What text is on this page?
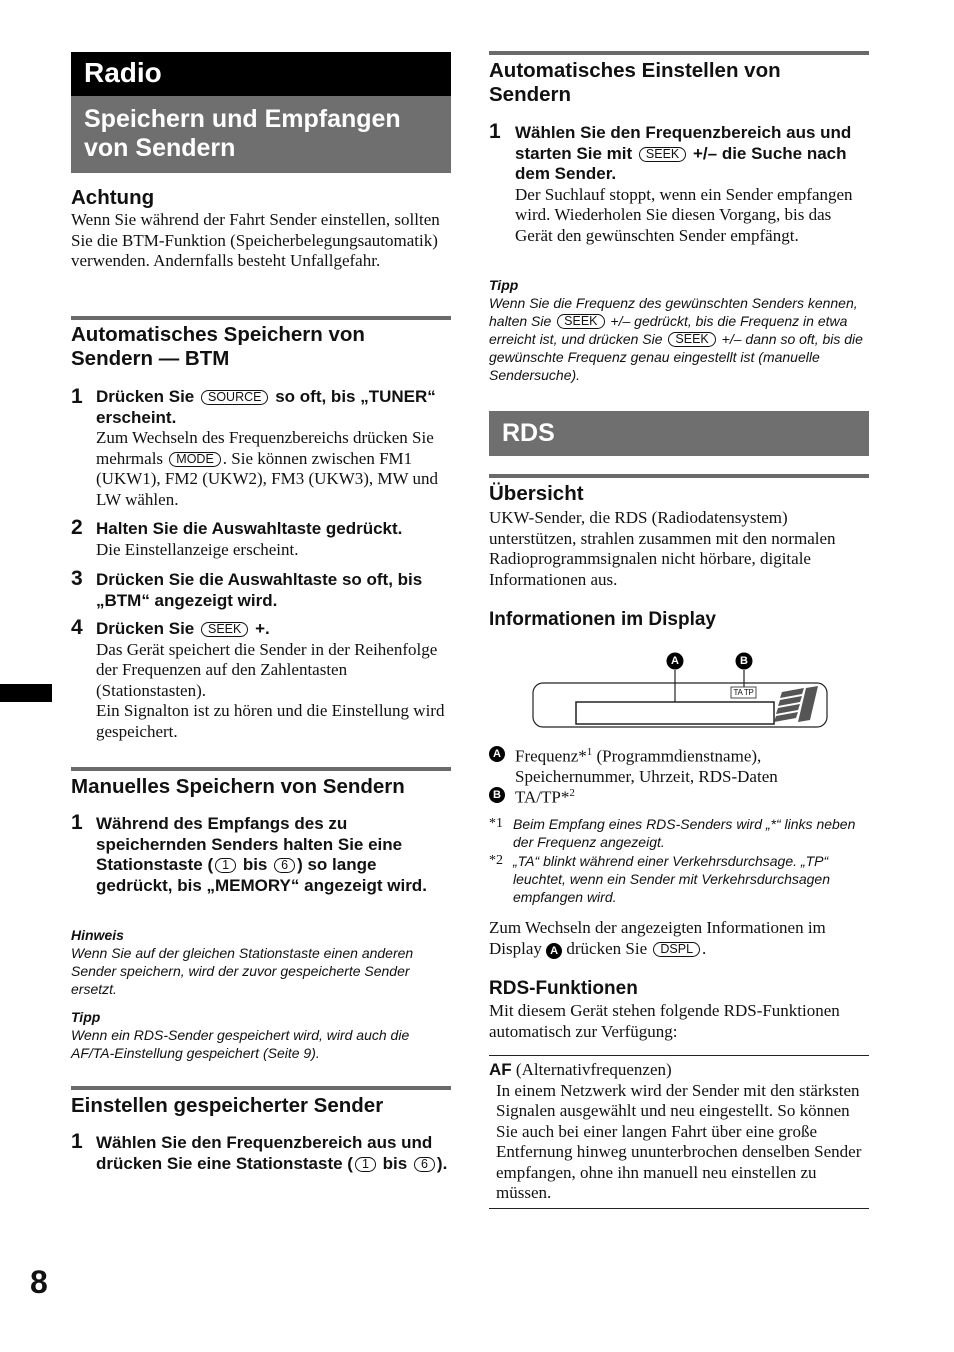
Radio
Speichern und Empfangen von Sendern
Achtung
Wenn Sie während der Fahrt Sender einstellen, sollten Sie die BTM-Funktion (Speicherbelegungsautomatik) verwenden. Andernfalls besteht Unfallgefahr.
Automatisches Speichern von Sendern — BTM
1 Drücken Sie SOURCE so oft, bis „TUNER“ erscheint.
Zum Wechseln des Frequenzbereichs drücken Sie mehrmals MODE . Sie können zwischen FM1 (UKW1), FM2 (UKW2), FM3 (UKW3), MW und LW wählen.
2 Halten Sie die Auswahltaste gedrückt.
Die Einstellanzeige erscheint.
3 Drücken Sie die Auswahltaste so oft, bis „BTM“ angezeigt wird.
4 Drücken Sie SEEK +.
Das Gerät speichert die Sender in der Reihenfolge der Frequenzen auf den Zahlentasten (Stationstasten).
Ein Signalton ist zu hören und die Einstellung wird gespeichert.
Manuelles Speichern von Sendern
1 Während des Empfangs des zu speichernden Senders halten Sie eine Stationstaste ( 1 bis 6 ) so lange gedrückt, bis „MEMORY“ angezeigt wird.
Hinweis
Wenn Sie auf der gleichen Stationstaste einen anderen Sender speichern, wird der zuvor gespeicherte Sender ersetzt.
Tipp
Wenn ein RDS-Sender gespeichert wird, wird auch die AF/TA-Einstellung gespeichert (Seite 9).
Einstellen gespeicherter Sender
1 Wählen Sie den Frequenzbereich aus und drücken Sie eine Stationstaste ( 1 bis 6 ).
Automatisches Einstellen von Sendern
1 Wählen Sie den Frequenzbereich aus und starten Sie mit SEEK +/– die Suche nach dem Sender.
Der Suchlauf stoppt, wenn ein Sender empfangen wird. Wiederholen Sie diesen Vorgang, bis das Gerät den gewünschten Sender empfängt.
Tipp
Wenn Sie die Frequenz des gewünschten Senders kennen, halten Sie SEEK +/– gedrückt, bis die Frequenz in etwa erreicht ist, und drücken Sie SEEK +/– dann so oft, bis die gewünschte Frequenz genau eingestellt ist (manuelle Sendersuche).
RDS
Übersicht
UKW-Sender, die RDS (Radiodatensystem) unterstützen, strahlen zusammen mit den normalen Radioprogrammsignalen nicht hörbare, digitale Informationen aus.
Informationen im Display
A	B
TA TP
A Frequenz*$^1$ (Programmdienstname), Speichernummer, Uhrzeit, RDS-Daten
B TA/TP*$^2$
*1 Beim Empfang eines RDS-Senders wird „*“ links neben der Frequenz angezeigt.
*2 „TA“ blinkt während einer Verkehrsdurchsage. „TP“ leuchtet, wenn ein Sender mit Verkehrsdurchsagen empfangen wird.
Zum Wechseln der angezeigten Informationen im Display A drücken Sie DSPL .
RDS-Funktionen
Mit diesem Gerät stehen folgende RDS-Funktionen automatisch zur Verfügung:
AF (Alternativfrequenzen)
In einem Netzwerk wird der Sender mit den stärksten Signalen ausgewählt und neu eingestellt. So können Sie auch bei einer langen Fahrt über eine große Entfernung hinweg ununterbrochen denselben Sender empfangen, ohne ihn manuell neu einstellen zu müssen.
8
